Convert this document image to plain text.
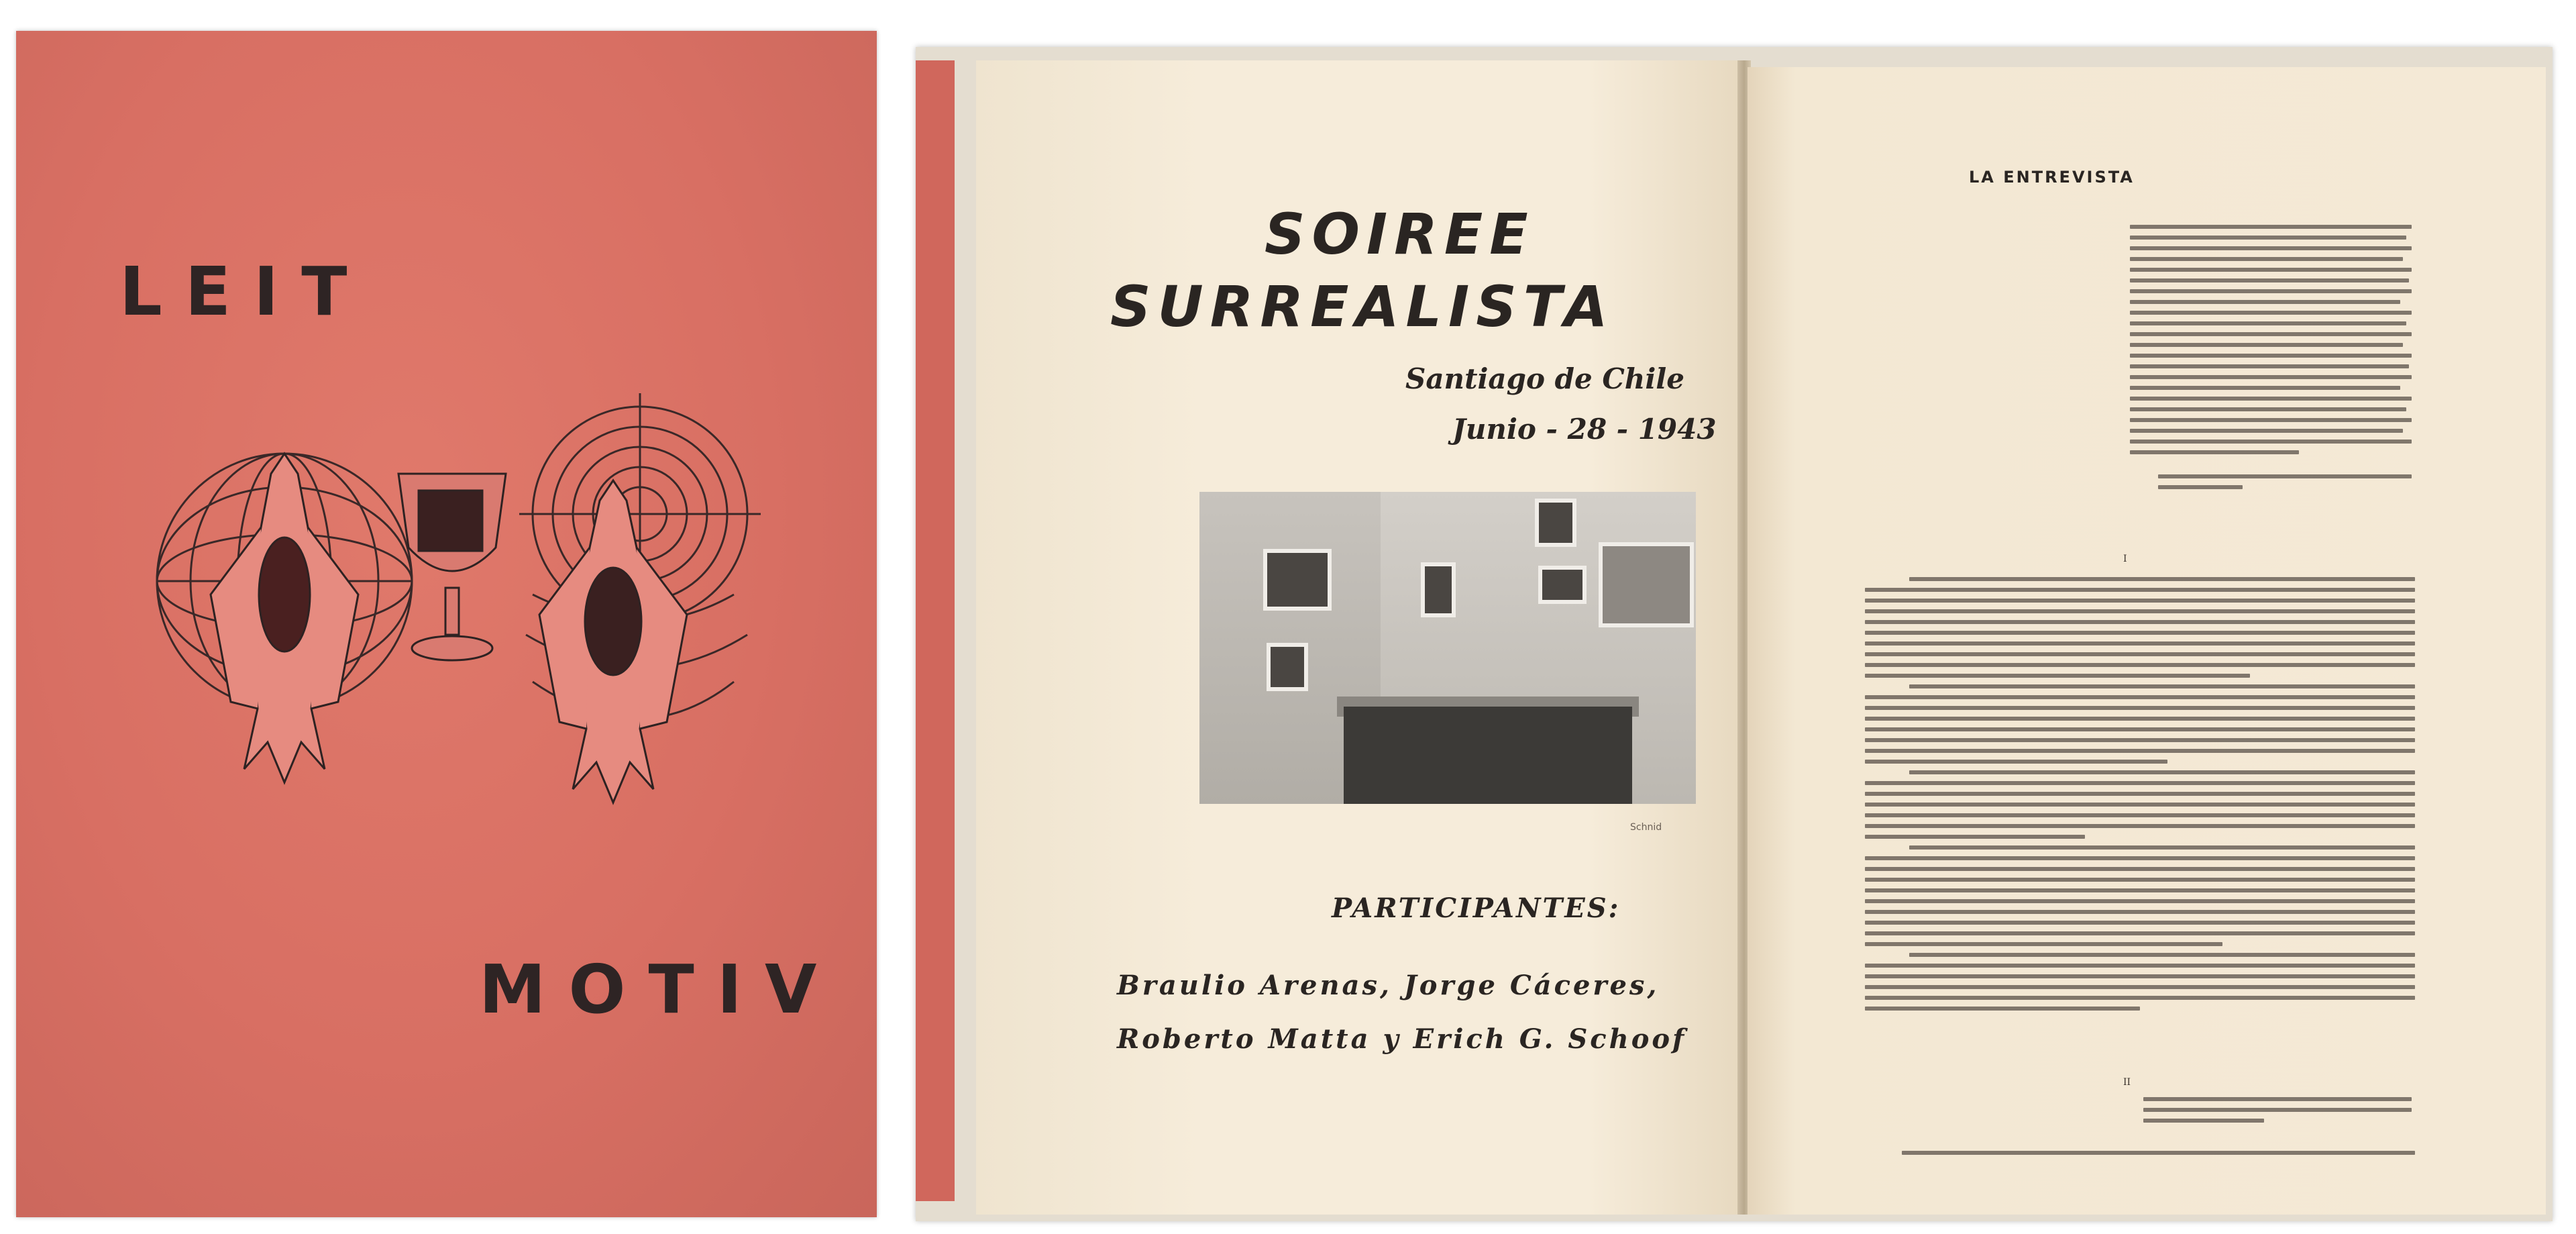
LEIT
MOTIV
SOIREE
SURREALISTA
Santiago de Chile
Junio - 28 - 1943
Schnid
PARTICIPANTES:
Braulio Arenas, Jorge Cáceres,
Roberto Matta y Erich G. Schoof
LA ENTREVISTA
I
II
